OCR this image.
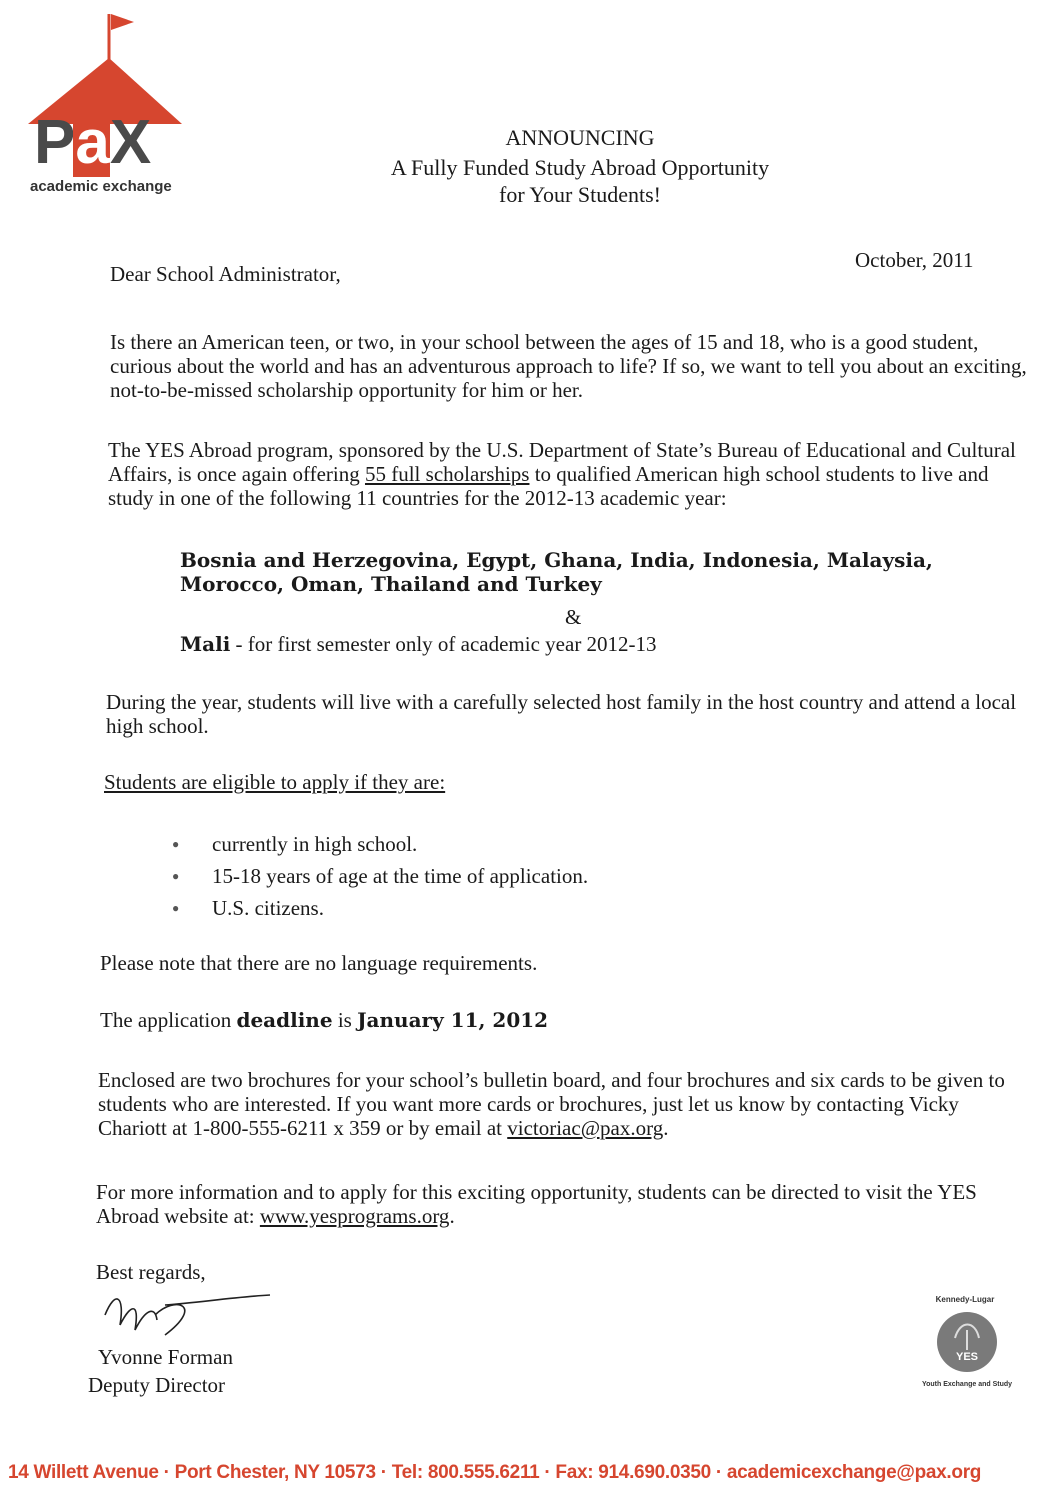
PaX
academic exchange
ANNOUNCING
A Fully Funded Study Abroad Opportunity
for Your Students!
October, 2011
Dear School Administrator,
Is there an American teen, or two, in your school between the ages of 15 and 18, who is a good student, curious about the world and has an adventurous approach to life? If so, we want to tell you about an exciting, not-to-be-missed scholarship opportunity for him or her.
The YES Abroad program, sponsored by the U.S. Department of State’s Bureau of Educational and Cultural Affairs, is once again offering 55 full scholarships to qualified American high school students to live and study in one of the following 11 countries for the 2012-13 academic year:
Bosnia and Herzegovina, Egypt, Ghana, India, Indonesia, Malaysia, Morocco, Oman, Thailand and Turkey
&
Mali - for first semester only of academic year 2012-13
During the year, students will live with a carefully selected host family in the host country and attend a local high school.
Students are eligible to apply if they are:
● currently in high school.
● 15-18 years of age at the time of application.
● U.S. citizens.
Please note that there are no language requirements.
The application deadline is January 11, 2012
Enclosed are two brochures for your school’s bulletin board, and four brochures and six cards to be given to students who are interested. If you want more cards or brochures, just let us know by contacting Vicky Chariott at 1-800-555-6211 x 359 or by email at victoriac@pax.org.
For more information and to apply for this exciting opportunity, students can be directed to visit the YES Abroad website at: www.yesprograms.org.
Best regards,
Yvonne Forman
Deputy Director
YES
Kennedy-Lugar
Youth Exchange and Study
14 Willett Avenue · Port Chester, NY 10573 · Tel: 800.555.6211 · Fax: 914.690.0350 · academicexchange@pax.org
